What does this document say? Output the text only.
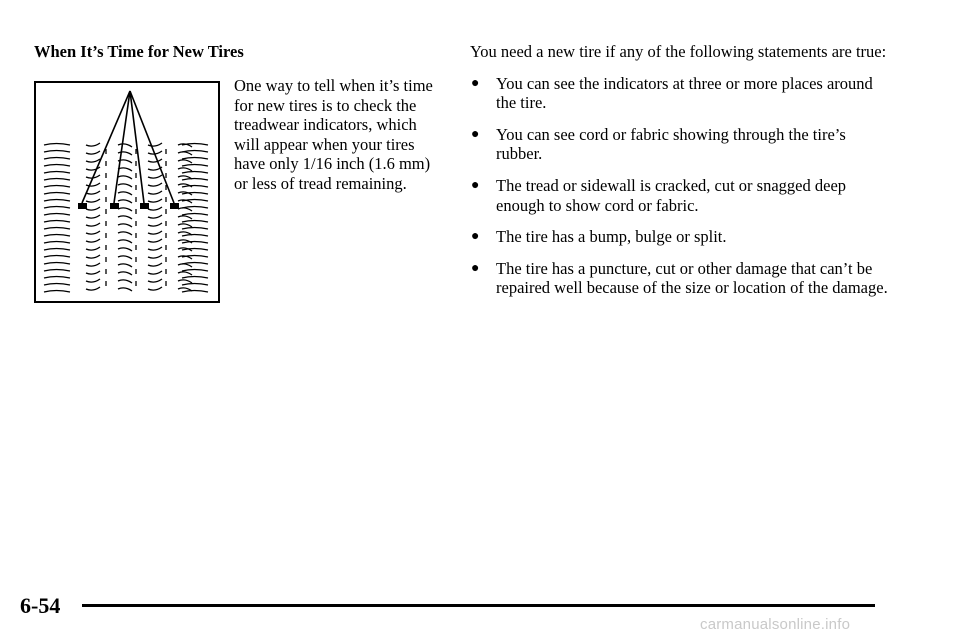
When It’s Time for New Tires
One way to tell when it’s time for new tires is to check the treadwear indicators, which will appear when your tires have only 1/16 inch (1.6 mm) or less of tread remaining.

You need a new tire if any of the following statements are true:

● You can see the indicators at three or more places around the tire.
● You can see cord or fabric showing through the tire’s rubber.
● The tread or sidewall is cracked, cut or snagged deep enough to show cord or fabric.
● The tire has a bump, bulge or split.
● The tire has a puncture, cut or other damage that can’t be repaired well because of the size or location of the damage.
6-54
carmanualsonline.info
